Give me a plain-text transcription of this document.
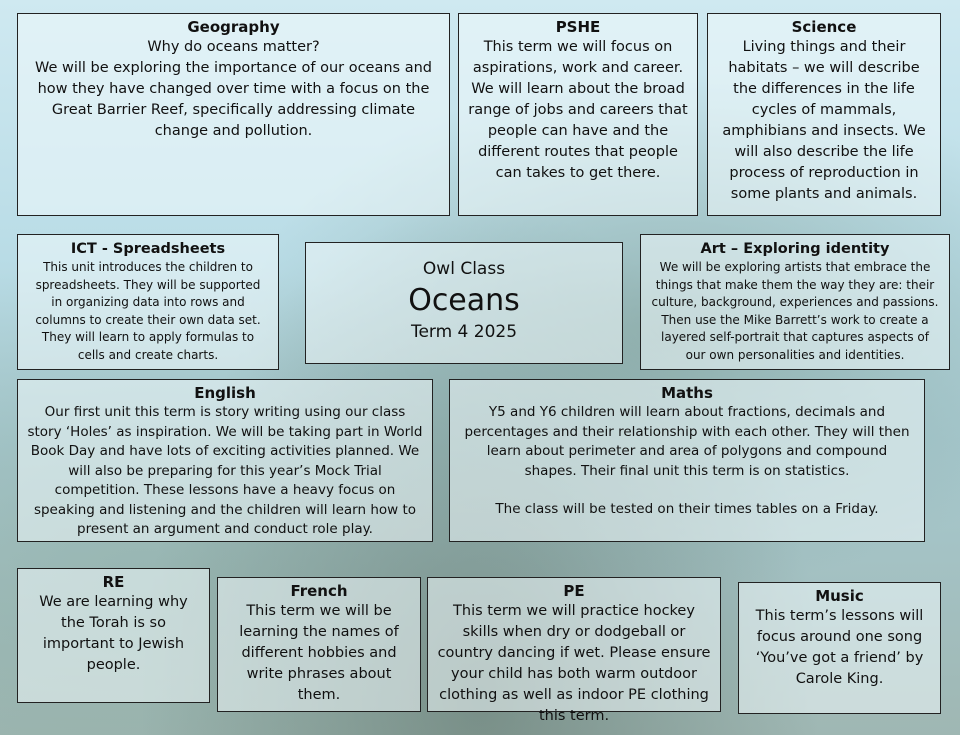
Geography

Why do oceans matter?
We will be exploring the importance of our oceans and how they have changed over time with a focus on the Great Barrier Reef, specifically addressing climate change and pollution.

PSHE

This term we will focus on aspirations, work and career. We will learn about the broad range of jobs and careers that people can have and the different routes that people can takes to get there.

Science

Living things and their habitats – we will describe the differences in the life cycles of mammals, amphibians and insects. We will also describe the life process of reproduction in some plants and animals.

ICT - Spreadsheets

This unit introduces the children to spreadsheets. They will be supported in organizing data into rows and columns to create their own data set. They will learn to apply formulas to cells and create charts.

Owl Class
Oceans
Term 4 2025
Art – Exploring identity

We will be exploring artists that embrace the things that make them the way they are: their culture, background, experiences and passions. Then use the Mike Barrett’s work to create a layered self-portrait that captures aspects of our own personalities and identities.

English

Our first unit this term is story writing using our class story ‘Holes’ as inspiration. We will be taking part in World Book Day and have lots of exciting activities planned. We will also be preparing for this year’s Mock Trial competition. These lessons have a heavy focus on speaking and listening and the children will learn how to present an argument and conduct role play.

Maths

Y5 and Y6 children will learn about fractions, decimals and percentages and their relationship with each other. They will then learn about perimeter and area of polygons and compound shapes. Their final unit this term is on statistics.

The class will be tested on their times tables on a Friday.

RE

We are learning why the Torah is so important to Jewish people.

French

This term we will be learning the names of different hobbies and write phrases about them.

PE

This term we will practice hockey skills when dry or dodgeball or country dancing if wet. Please ensure your child has both warm outdoor clothing as well as indoor PE clothing this term.

Music

This term’s lessons will focus around one song ‘You’ve got a friend’ by Carole King.
